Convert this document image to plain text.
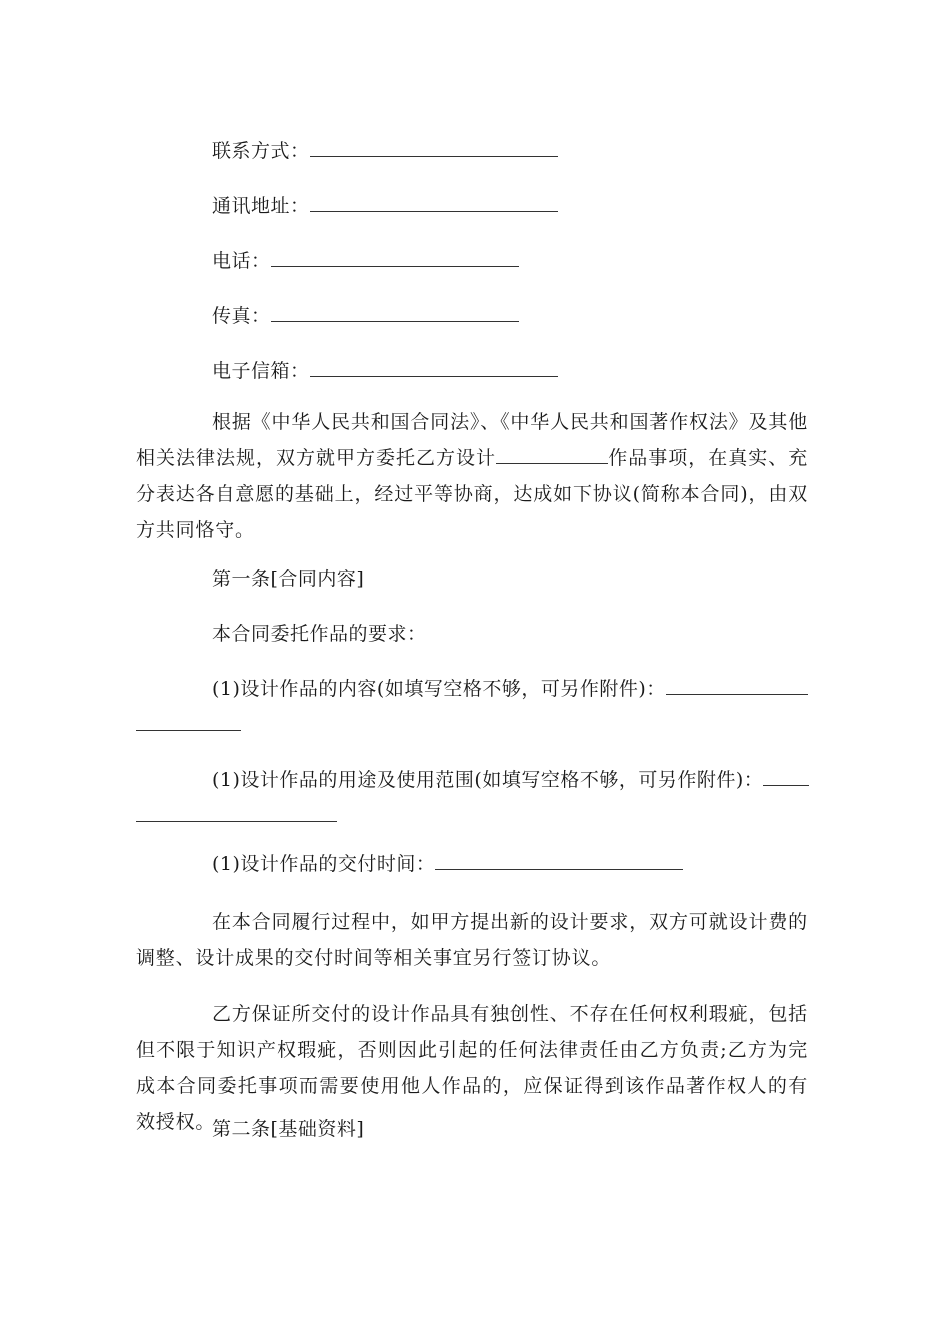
联系方式：
通讯地址：
电话：
传真：
电子信箱：
根据《中华人民共和国合同法》、《中华人民共和国著作权法》及其他相关法律法规，双方就甲方委托乙方设计	作品事项，在真实、充分表达各自意愿的基础上，经过平等协商，达成如下协议(简称本合同)，由双方共同恪守。
第一条[合同内容]
本合同委托作品的要求：
(1)设计作品的内容(如填写空格不够，可另作附件)：
(1)设计作品的用途及使用范围(如填写空格不够，可另作附件)：
(1)设计作品的交付时间：
在本合同履行过程中，如甲方提出新的设计要求，双方可就设计费的调整、设计成果的交付时间等相关事宜另行签订协议。
乙方保证所交付的设计作品具有独创性、不存在任何权利瑕疵，包括但不限于知识产权瑕疵，否则因此引起的任何法律责任由乙方负责;乙方为完成本合同委托事项而需要使用他人作品的，应保证得到该作品著作权人的有效授权。
第二条[基础资料]
